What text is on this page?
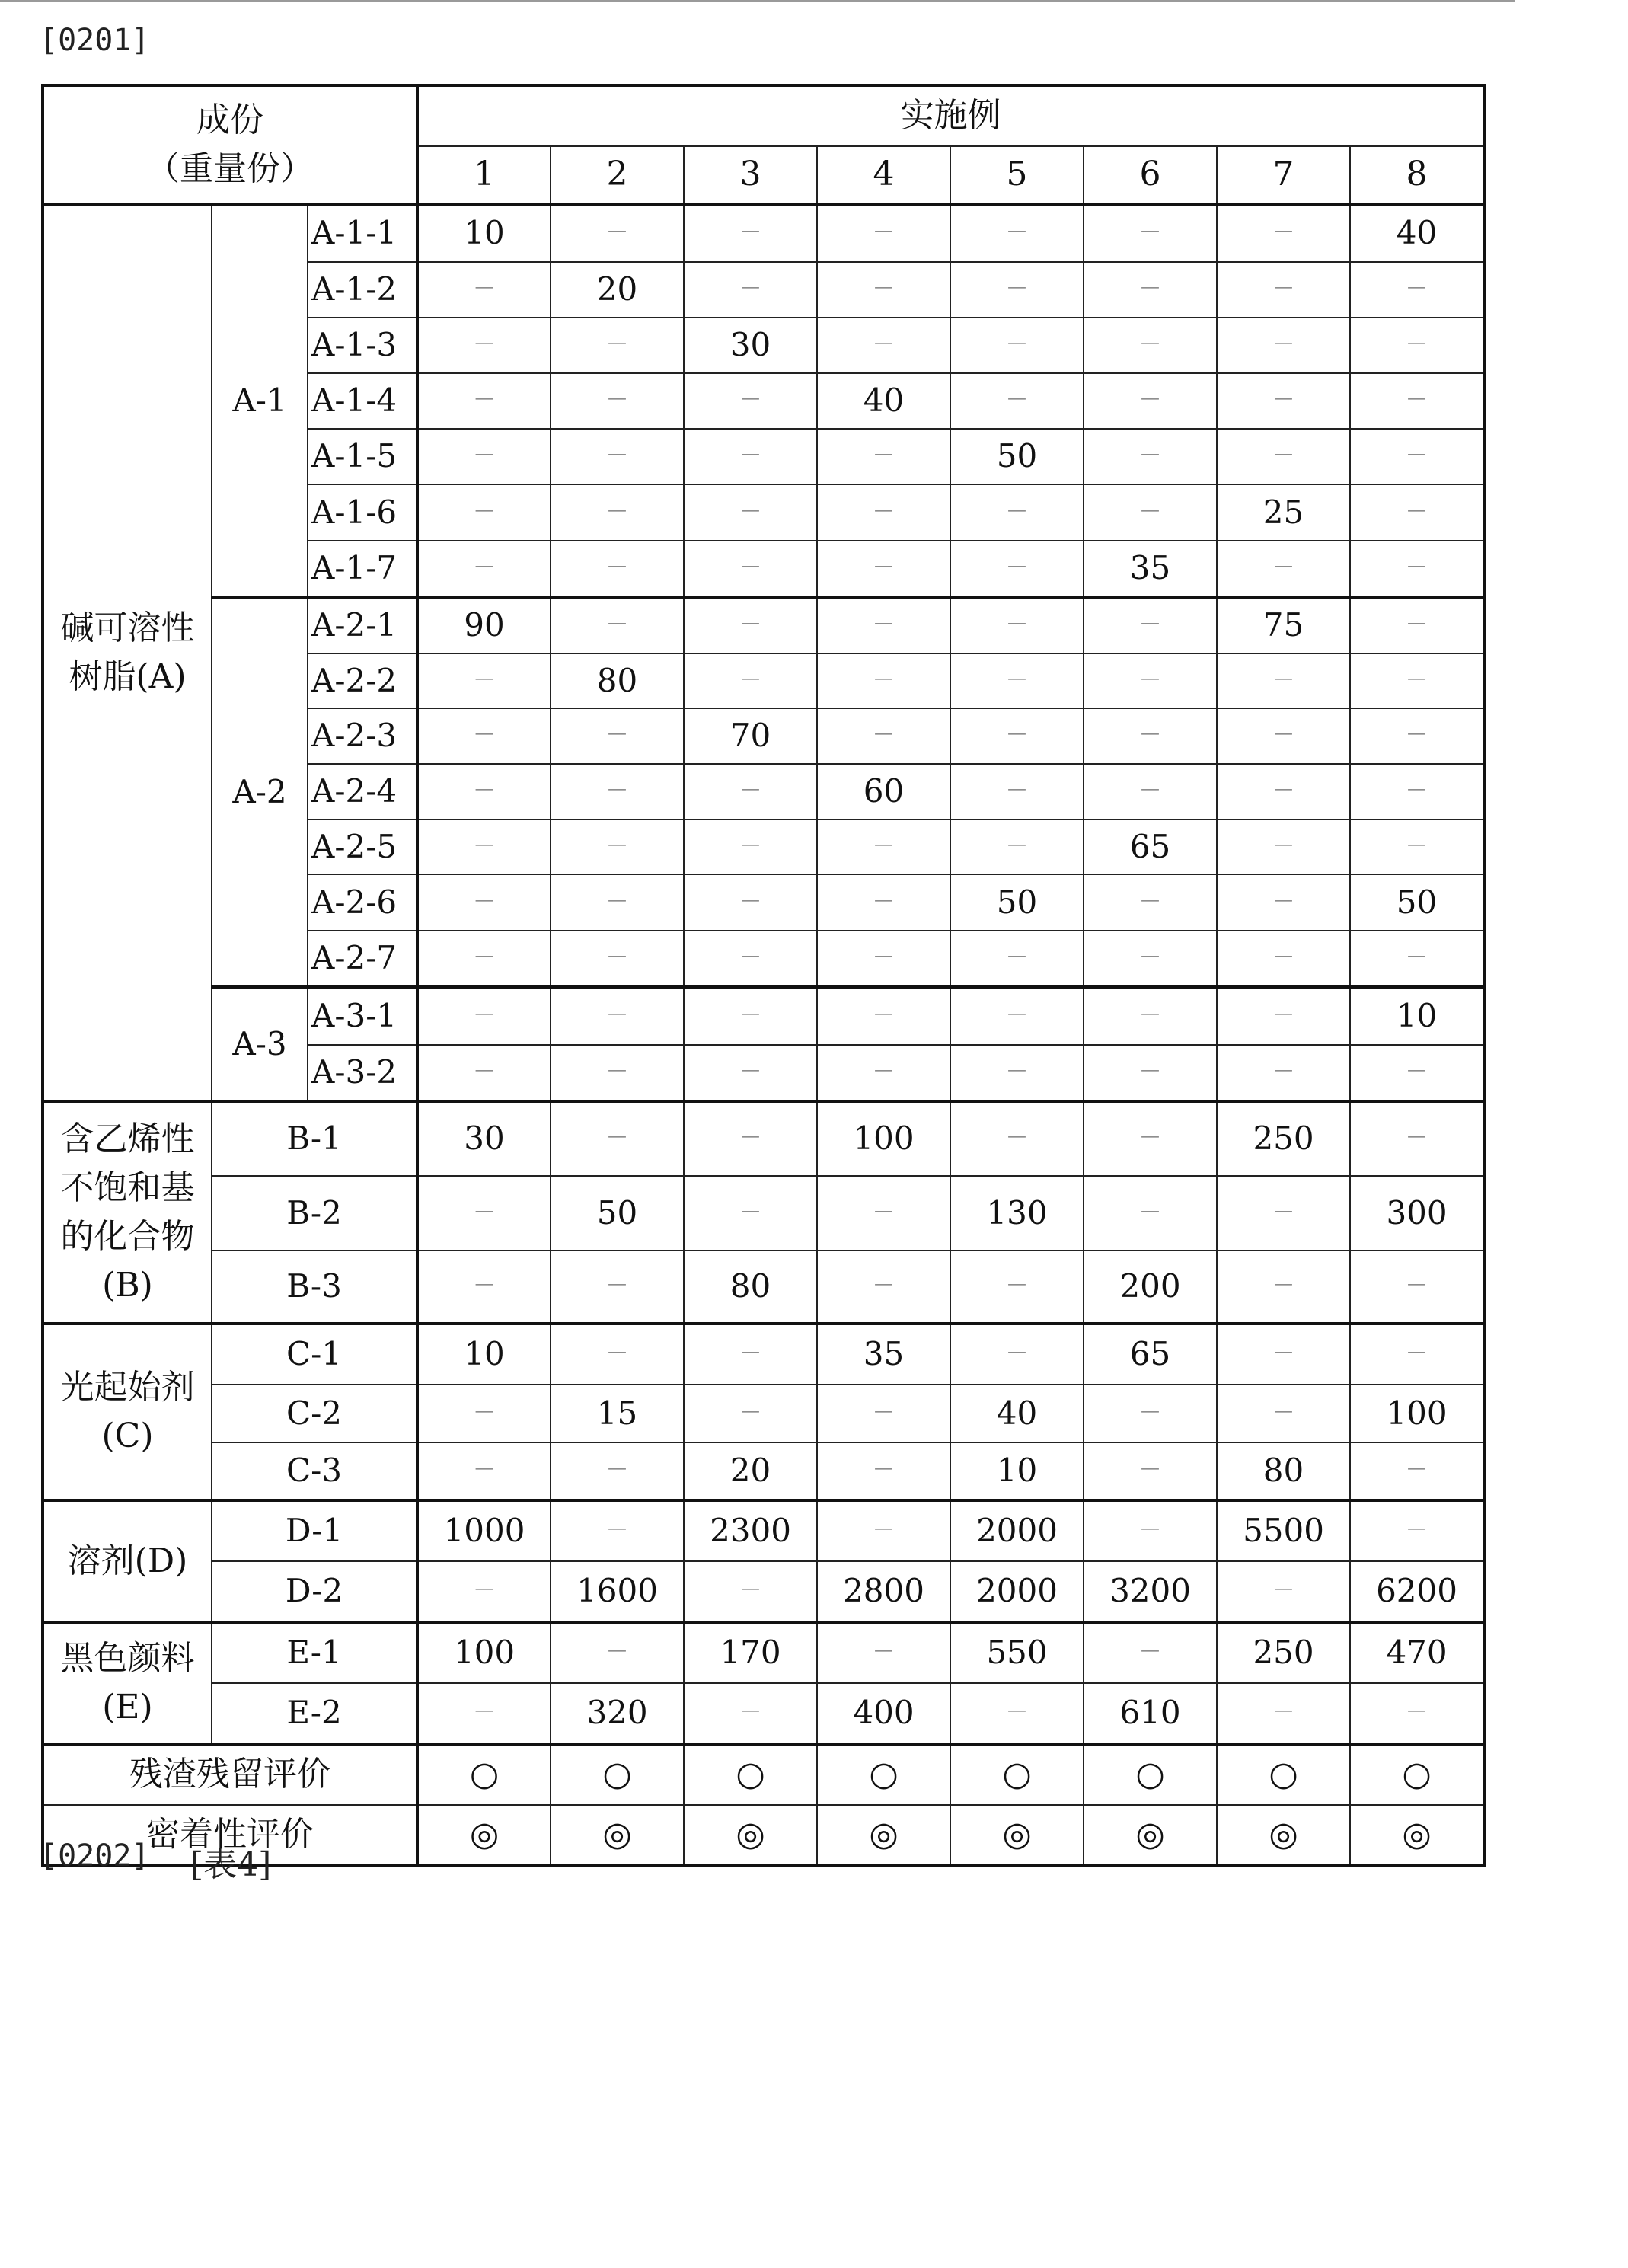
[0201]
成份
（重量份）			实施例							
			1	2	3	4	5	6	7	8
碱可溶性
树脂(A)	A-1	A-1-1	10	－	－	－	－	－	－	40
		A-1-2	－	20	－	－	－	－	－	－
		A-1-3	－	－	30	－	－	－	－	－
		A-1-4	－	－	－	40	－	－	－	－
		A-1-5	－	－	－	－	50	－	－	－
		A-1-6	－	－	－	－	－	－	25	－
		A-1-7	－	－	－	－	－	35	－	－
	A-2	A-2-1	90	－	－	－	－	－	75	－
		A-2-2	－	80	－	－	－	－	－	－
		A-2-3	－	－	70	－	－	－	－	－
		A-2-4	－	－	－	60	－	－	－	－
		A-2-5	－	－	－	－	－	65	－	－
		A-2-6	－	－	－	－	50	－	－	50
		A-2-7	－	－	－	－	－	－	－	－
	A-3	A-3-1	－	－	－	－	－	－	－	10
		A-3-2	－	－	－	－	－	－	－	－
含乙烯性
不饱和基
的化合物
(B)	B-1		30	－	－	100	－	－	250	－
	B-2		－	50	－	－	130	－	－	300
	B-3		－	－	80	－	－	200	－	－
光起始剂
(C)	C-1		10	－	－	35	－	65	－	－
	C-2		－	15	－	－	40	－	－	100
	C-3		－	－	20	－	10	－	80	－
溶剂(D)	D-1		1000	－	2300	－	2000	－	5500	－
	D-2		－	1600	－	2800	2000	3200	－	6200
黑色颜料
(E)	E-1		100	－	170	－	550	－	250	470
	E-2		－	320	－	400	－	610	－	－
残渣残留评价			○	○	○	○	○	○	○	○
密着性评价			◎	◎	◎	◎	◎	◎	◎	◎
[0202] [表4]
